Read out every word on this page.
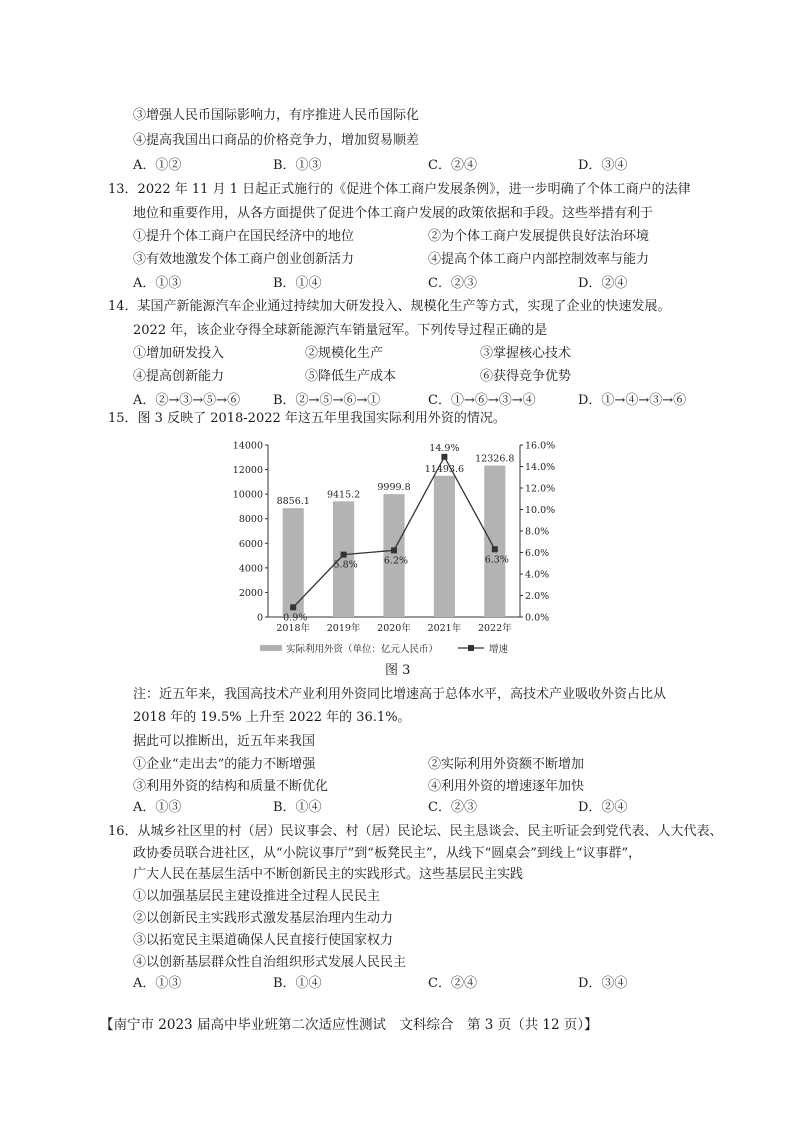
③增强人民币国际影响力，有序推进人民币国际化
④提高我国出口商品的价格竞争力，增加贸易顺差
A．①②	B．①③	C．②④	D．③④
13．2022 年 11 月 1 日起正式施行的《促进个体工商户发展条例》，进一步明确了个体工商户的法律
地位和重要作用，从各方面提供了促进个体工商户发展的政策依据和手段。这些举措有利于
①提升个体工商户在国民经济中的地位	②为个体工商户发展提供良好法治环境
③有效地激发个体工商户创业创新活力	④提高个体工商户内部控制效率与能力
A．①③	B．①④	C．②③	D．②④
14．某国产新能源汽车企业通过持续加大研发投入、规模化生产等方式，实现了企业的快速发展。
2022 年，该企业夺得全球新能源汽车销量冠军。下列传导过程正确的是
①增加研发投入	②规模化生产	③掌握核心技术
④提高创新能力	⑤降低生产成本	⑥获得竞争优势
A．②→③→⑤→⑥	B．②→⑤→⑥→①	C．①→⑥→③→④	D．①→④→③→⑥
15．图 3 反映了 2018-2022 年这五年里我国实际利用外资的情况。
0
2000
4000
6000
8000
10000
12000
14000
0.0%
2.0%
4.0%
6.0%
8.0%
10.0%
12.0%
14.0%
16.0%
8856.1
9415.2
9999.8
11493.6
12326.8
2018年 2019年 2020年 2021年 2022年
0.9%
5.8%	6.2%
14.9%
6.3%
实际利用外资（单位：亿元人民币）	增速
图 3
注：近五年来，我国高技术产业利用外资同比增速高于总体水平，高技术产业吸收外资占比从
2018 年的 19.5% 上升至 2022 年的 36.1%。
据此可以推断出，近五年来我国
①企业“走出去”的能力不断增强	②实际利用外资额不断增加
③利用外资的结构和质量不断优化	④利用外资的增速逐年加快
A．①③	B．①④	C．②③	D．②④
16．从城乡社区里的村（居）民议事会、村（居）民论坛、民主恳谈会、民主听证会到党代表、人大代表、
政协委员联合进社区，从“小院议事厅”到“板凳民主”，从线下“圆桌会”到线上“议事群”，
广大人民在基层生活中不断创新民主的实践形式。这些基层民主实践
①以加强基层民主建设推进全过程人民民主
②以创新民主实践形式激发基层治理内生动力
③以拓宽民主渠道确保人民直接行使国家权力
④以创新基层群众性自治组织形式发展人民民主
A．①③	B．①④	C．②④	D．③④
【南宁市 2023 届高中毕业班第二次适应性测试　文科综合　第 3 页（共 12 页）】
